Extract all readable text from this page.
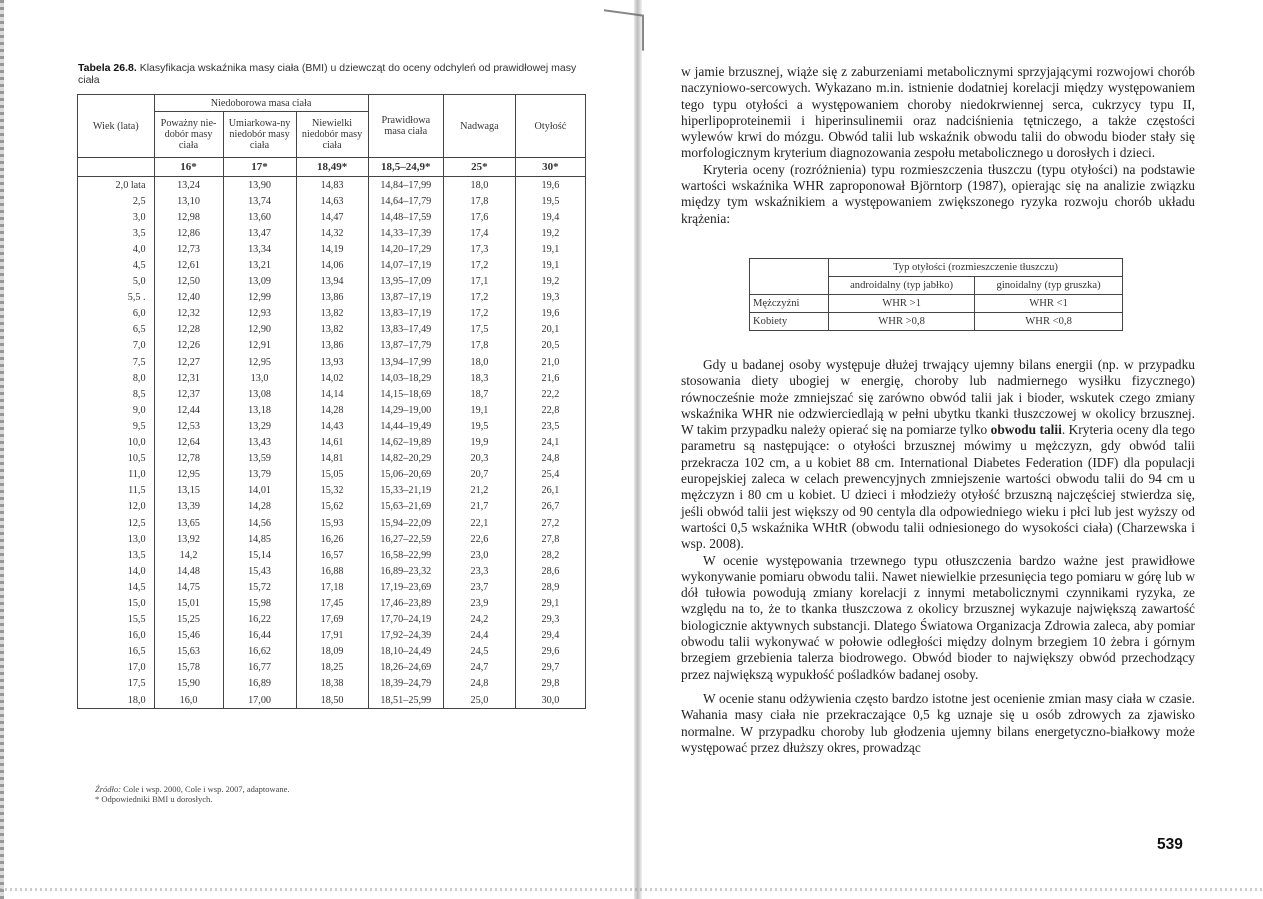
Tabela 26.8. Klasyfikacja wskaźnika masy ciała (BMI) u dziewcząt do oceny odchyleń od prawidłowej masy ciała
Wiek (lata)	Niedoborowa masa ciała			Prawidłowa masa ciała	Nadwaga	Otyłość
	Poważny nie-dobór masy ciała	Umiarkowa-ny niedobór masy ciała	Niewielki niedobór masy ciała			
	16*	17*	18,49*	18,5–24,9*	25*	30*
2,0 lata	13,24	13,90	14,83	14,84–17,99	18,0	19,6
2,5	13,10	13,74	14,63	14,64–17,79	17,8	19,5
3,0	12,98	13,60	14,47	14,48–17,59	17,6	19,4
3,5	12,86	13,47	14,32	14,33–17,39	17,4	19,2
4,0	12,73	13,34	14,19	14,20–17,29	17,3	19,1
4,5	12,61	13,21	14,06	14,07–17,19	17,2	19,1
5,0	12,50	13,09	13,94	13,95–17,09	17,1	19,2
5,5 .	12,40	12,99	13,86	13,87–17,19	17,2	19,3
6,0	12,32	12,93	13,82	13,83–17,19	17,2	19,6
6,5	12,28	12,90	13,82	13,83–17,49	17,5	20,1
7,0	12,26	12,91	13,86	13,87–17,79	17,8	20,5
7,5	12,27	12,95	13,93	13,94–17,99	18,0	21,0
8,0	12,31	13,0	14,02	14,03–18,29	18,3	21,6
8,5	12,37	13,08	14,14	14,15–18,69	18,7	22,2
9,0	12,44	13,18	14,28	14,29–19,00	19,1	22,8
9,5	12,53	13,29	14,43	14,44–19,49	19,5	23,5
10,0	12,64	13,43	14,61	14,62–19,89	19,9	24,1
10,5	12,78	13,59	14,81	14,82–20,29	20,3	24,8
11,0	12,95	13,79	15,05	15,06–20,69	20,7	25,4
11,5	13,15	14,01	15,32	15,33–21,19	21,2	26,1
12,0	13,39	14,28	15,62	15,63–21,69	21,7	26,7
12,5	13,65	14,56	15,93	15,94–22,09	22,1	27,2
13,0	13,92	14,85	16,26	16,27–22,59	22,6	27,8
13,5	14,2	15,14	16,57	16,58–22,99	23,0	28,2
14,0	14,48	15,43	16,88	16,89–23,32	23,3	28,6
14,5	14,75	15,72	17,18	17,19–23,69	23,7	28,9
15,0	15,01	15,98	17,45	17,46–23,89	23,9	29,1
15,5	15,25	16,22	17,69	17,70–24,19	24,2	29,3
16,0	15,46	16,44	17,91	17,92–24,39	24,4	29,4
16,5	15,63	16,62	18,09	18,10–24,49	24,5	29,6
17,0	15,78	16,77	18,25	18,26–24,69	24,7	29,7
17,5	15,90	16,89	18,38	18,39–24,79	24,8	29,8
18,0	16,0	17,00	18,50	18,51–25,99	25,0	30,0
Źródło: Cole i wsp. 2000, Cole i wsp. 2007, adaptowane.
* Odpowiedniki BMI u dorosłych.

w jamie brzusznej, wiąże się z zaburzeniami metabolicznymi sprzyjającymi rozwojowi chorób naczyniowo-sercowych. Wykazano m.in. istnienie dodatniej korelacji między występowaniem tego typu otyłości a występowaniem choroby niedokrwiennej serca, cukrzycy typu II, hiperlipoproteinemii i hiperinsulinemii oraz nadciśnienia tętniczego, a także częstości wylewów krwi do mózgu. Obwód talii lub wskaźnik obwodu talii do obwodu bioder stały się morfologicznym kryterium diagnozowania zespołu metabolicznego u dorosłych i dzieci.

Kryteria oceny (rozróżnienia) typu rozmieszczenia tłuszczu (typu otyłości) na podstawie wartości wskaźnika WHR zaproponował Björntorp (1987), opierając się na analizie związku między tym wskaźnikiem a występowaniem zwiększonego ryzyka rozwoju chorób układu krążenia:

	Typ otyłości (rozmieszczenie tłuszczu)	
	androidalny (typ jabłko)	ginoidalny (typ gruszka)
Mężczyźni	WHR >1	WHR <1
Kobiety	WHR >0,8	WHR <0,8

Gdy u badanej osoby występuje dłużej trwający ujemny bilans energii (np. w przypadku stosowania diety ubogiej w energię, choroby lub nadmiernego wysiłku fizycznego) równocześnie może zmniejszać się zarówno obwód talii jak i bioder, wskutek czego zmiany wskaźnika WHR nie odzwierciedlają w pełni ubytku tkanki tłuszczowej w okolicy brzusznej. W takim przypadku należy opierać się na pomiarze tylko obwodu talii. Kryteria oceny dla tego parametru są następujące: o otyłości brzusznej mówimy u mężczyzn, gdy obwód talii przekracza 102 cm, a u kobiet 88 cm. International Diabetes Federation (IDF) dla populacji europejskiej zaleca w celach prewencyjnych zmniejszenie wartości obwodu talii do 94 cm u mężczyzn i 80 cm u kobiet. U dzieci i młodzieży otyłość brzuszną najczęściej stwierdza się, jeśli obwód talii jest większy od 90 centyla dla odpowiedniego wieku i płci lub jest wyższy od wartości 0,5 wskaźnika WHtR (obwodu talii odniesionego do wysokości ciała) (Charzewska i wsp. 2008).

W ocenie występowania trzewnego typu otłuszczenia bardzo ważne jest prawidłowe wykonywanie pomiaru obwodu talii. Nawet niewielkie przesunięcia tego pomiaru w górę lub w dół tułowia powodują zmiany korelacji z innymi metabolicznymi czynnikami ryzyka, ze względu na to, że to tkanka tłuszczowa z okolicy brzusznej wykazuje największą zawartość biologicznie aktywnych substancji. Dlatego Światowa Organizacja Zdrowia zaleca, aby pomiar obwodu talii wykonywać w połowie odległości między dolnym brzegiem 10 żebra i górnym brzegiem grzebienia talerza biodrowego. Obwód bioder to największy obwód przechodzący przez największą wypukłość pośladków badanej osoby.

W ocenie stanu odżywienia często bardzo istotne jest ocenienie zmian masy ciała w czasie. Wahania masy ciała nie przekraczające 0,5 kg uznaje się u osób zdrowych za zjawisko normalne. W przypadku choroby lub głodzenia ujemny bilans energetyczno-białkowy może występować przez dłuższy okres, prowadząc

539
